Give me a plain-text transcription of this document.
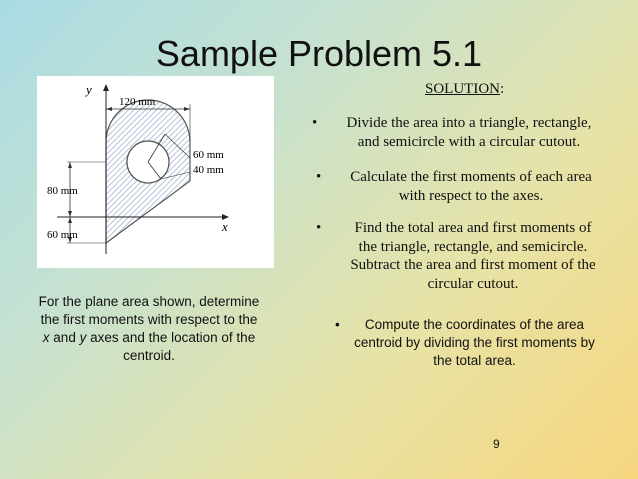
Sample Problem 5.1
y
x
120 mm
60 mm
40 mm
80 mm
60 mm
For the plane area shown, determine
the first moments with respect to the
x and y axes and the location of the
centroid.
SOLUTION:
•	Divide the area into a triangle, rectangle,
and semicircle with a circular cutout.
•	Calculate the first moments of each area
with respect to the axes.
•	Find the total area and first moments of
the triangle, rectangle, and semicircle.
Subtract the area and first moment of the
circular cutout.
•	Compute the coordinates of the area
centroid by dividing the first moments by
the total area.
9
